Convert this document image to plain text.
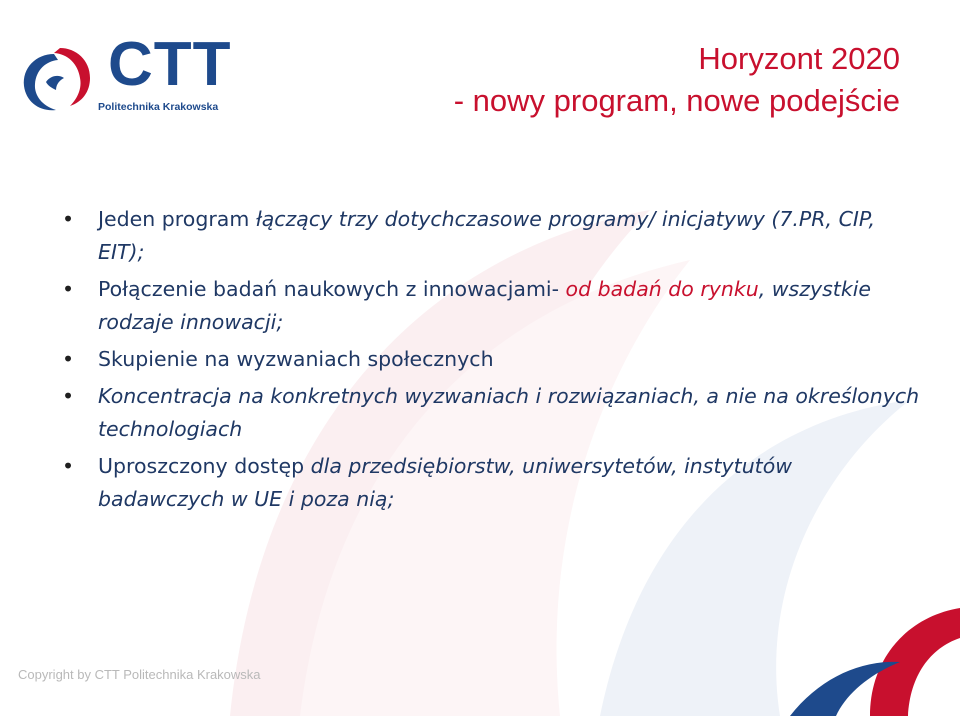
CTT
Politechnika Krakowska
Horyzont 2020
- nowy program, nowe podejście
• Jeden program łączący trzy dotychczasowe programy/ inicjatywy (7.PR, CIP, EIT);
• Połączenie badań naukowych z innowacjami- od badań do rynku, wszystkie rodzaje innowacji;
• Skupienie na wyzwaniach społecznych
• Koncentracja na konkretnych wyzwaniach i rozwiązaniach, a nie na określonych technologiach
• Uproszczony dostęp dla przedsiębiorstw, uniwersytetów, instytutów badawczych w UE i poza nią;
Copyright by CTT Politechnika Krakowska
